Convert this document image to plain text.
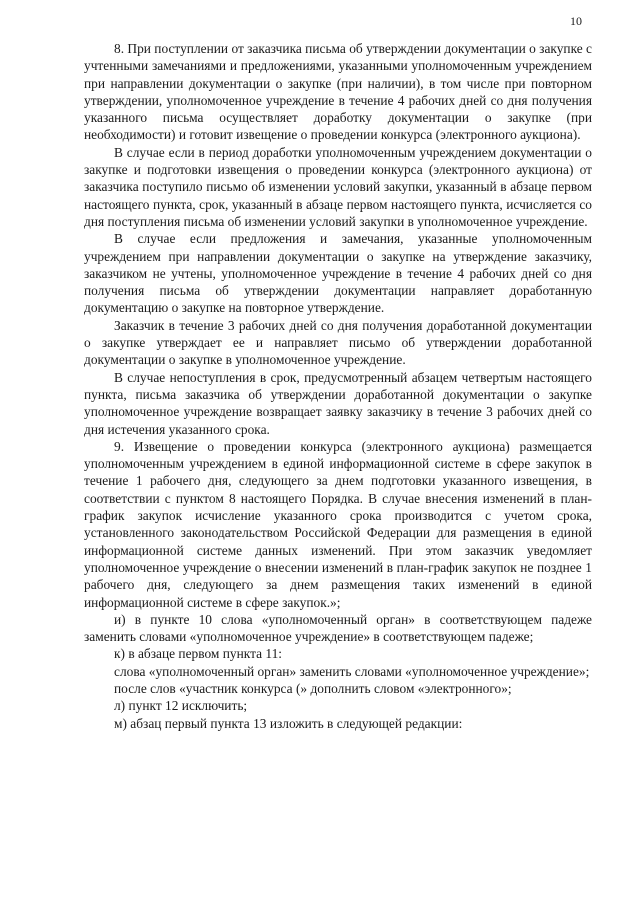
10

8. При поступлении от заказчика письма об утверждении документации о закупке с учтенными замечаниями и предложениями, указанными уполномоченным учреждением при направлении документации о закупке (при наличии), в том числе при повторном утверждении, уполномоченное учреждение в течение 4 рабочих дней со дня получения указанного письма осуществляет доработку документации о закупке (при необходимости) и готовит извещение о проведении конкурса (электронного аукциона).

В случае если в период доработки уполномоченным учреждением документации о закупке и подготовки извещения о проведении конкурса (электронного аукциона) от заказчика поступило письмо об изменении условий закупки, указанный в абзаце первом настоящего пункта, срок, указанный в абзаце первом настоящего пункта, исчисляется со дня поступления письма об изменении условий закупки в уполномоченное учреждение.

В случае если предложения и замечания, указанные уполномоченным учреждением при направлении документации о закупке на утверждение заказчику, заказчиком не учтены, уполномоченное учреждение в течение 4 рабочих дней со дня получения письма об утверждении документации направляет доработанную документацию о закупке на повторное утверждение.

Заказчик в течение 3 рабочих дней со дня получения доработанной документации о закупке утверждает ее и направляет письмо об утверждении доработанной документации о закупке в уполномоченное учреждение.

В случае непоступления в срок, предусмотренный абзацем четвертым настоящего пункта, письма заказчика об утверждении доработанной документации о закупке уполномоченное учреждение возвращает заявку заказчику в течение 3 рабочих дней со дня истечения указанного срока.

9. Извещение о проведении конкурса (электронного аукциона) размещается уполномоченным учреждением в единой информационной системе в сфере закупок в течение 1 рабочего дня, следующего за днем подготовки указанного извещения, в соответствии с пунктом 8 настоящего Порядка. В случае внесения изменений в план-график закупок исчисление указанного срока производится с учетом срока, установленного законодательством Российской Федерации для размещения в единой информационной системе данных изменений. При этом заказчик уведомляет уполномоченное учреждение о внесении изменений в план-график закупок не позднее 1 рабочего дня, следующего за днем размещения таких изменений в единой информационной системе в сфере закупок.»;

и) в пункте 10 слова «уполномоченный орган» в соответствующем падеже заменить словами «уполномоченное учреждение» в соответствующем падеже;

к) в абзаце первом пункта 11:

слова «уполномоченный орган» заменить словами «уполномоченное учреждение»;

после слов «участник конкурса (» дополнить словом «электронного»;

л) пункт 12 исключить;

м) абзац первый пункта 13 изложить в следующей редакции:
